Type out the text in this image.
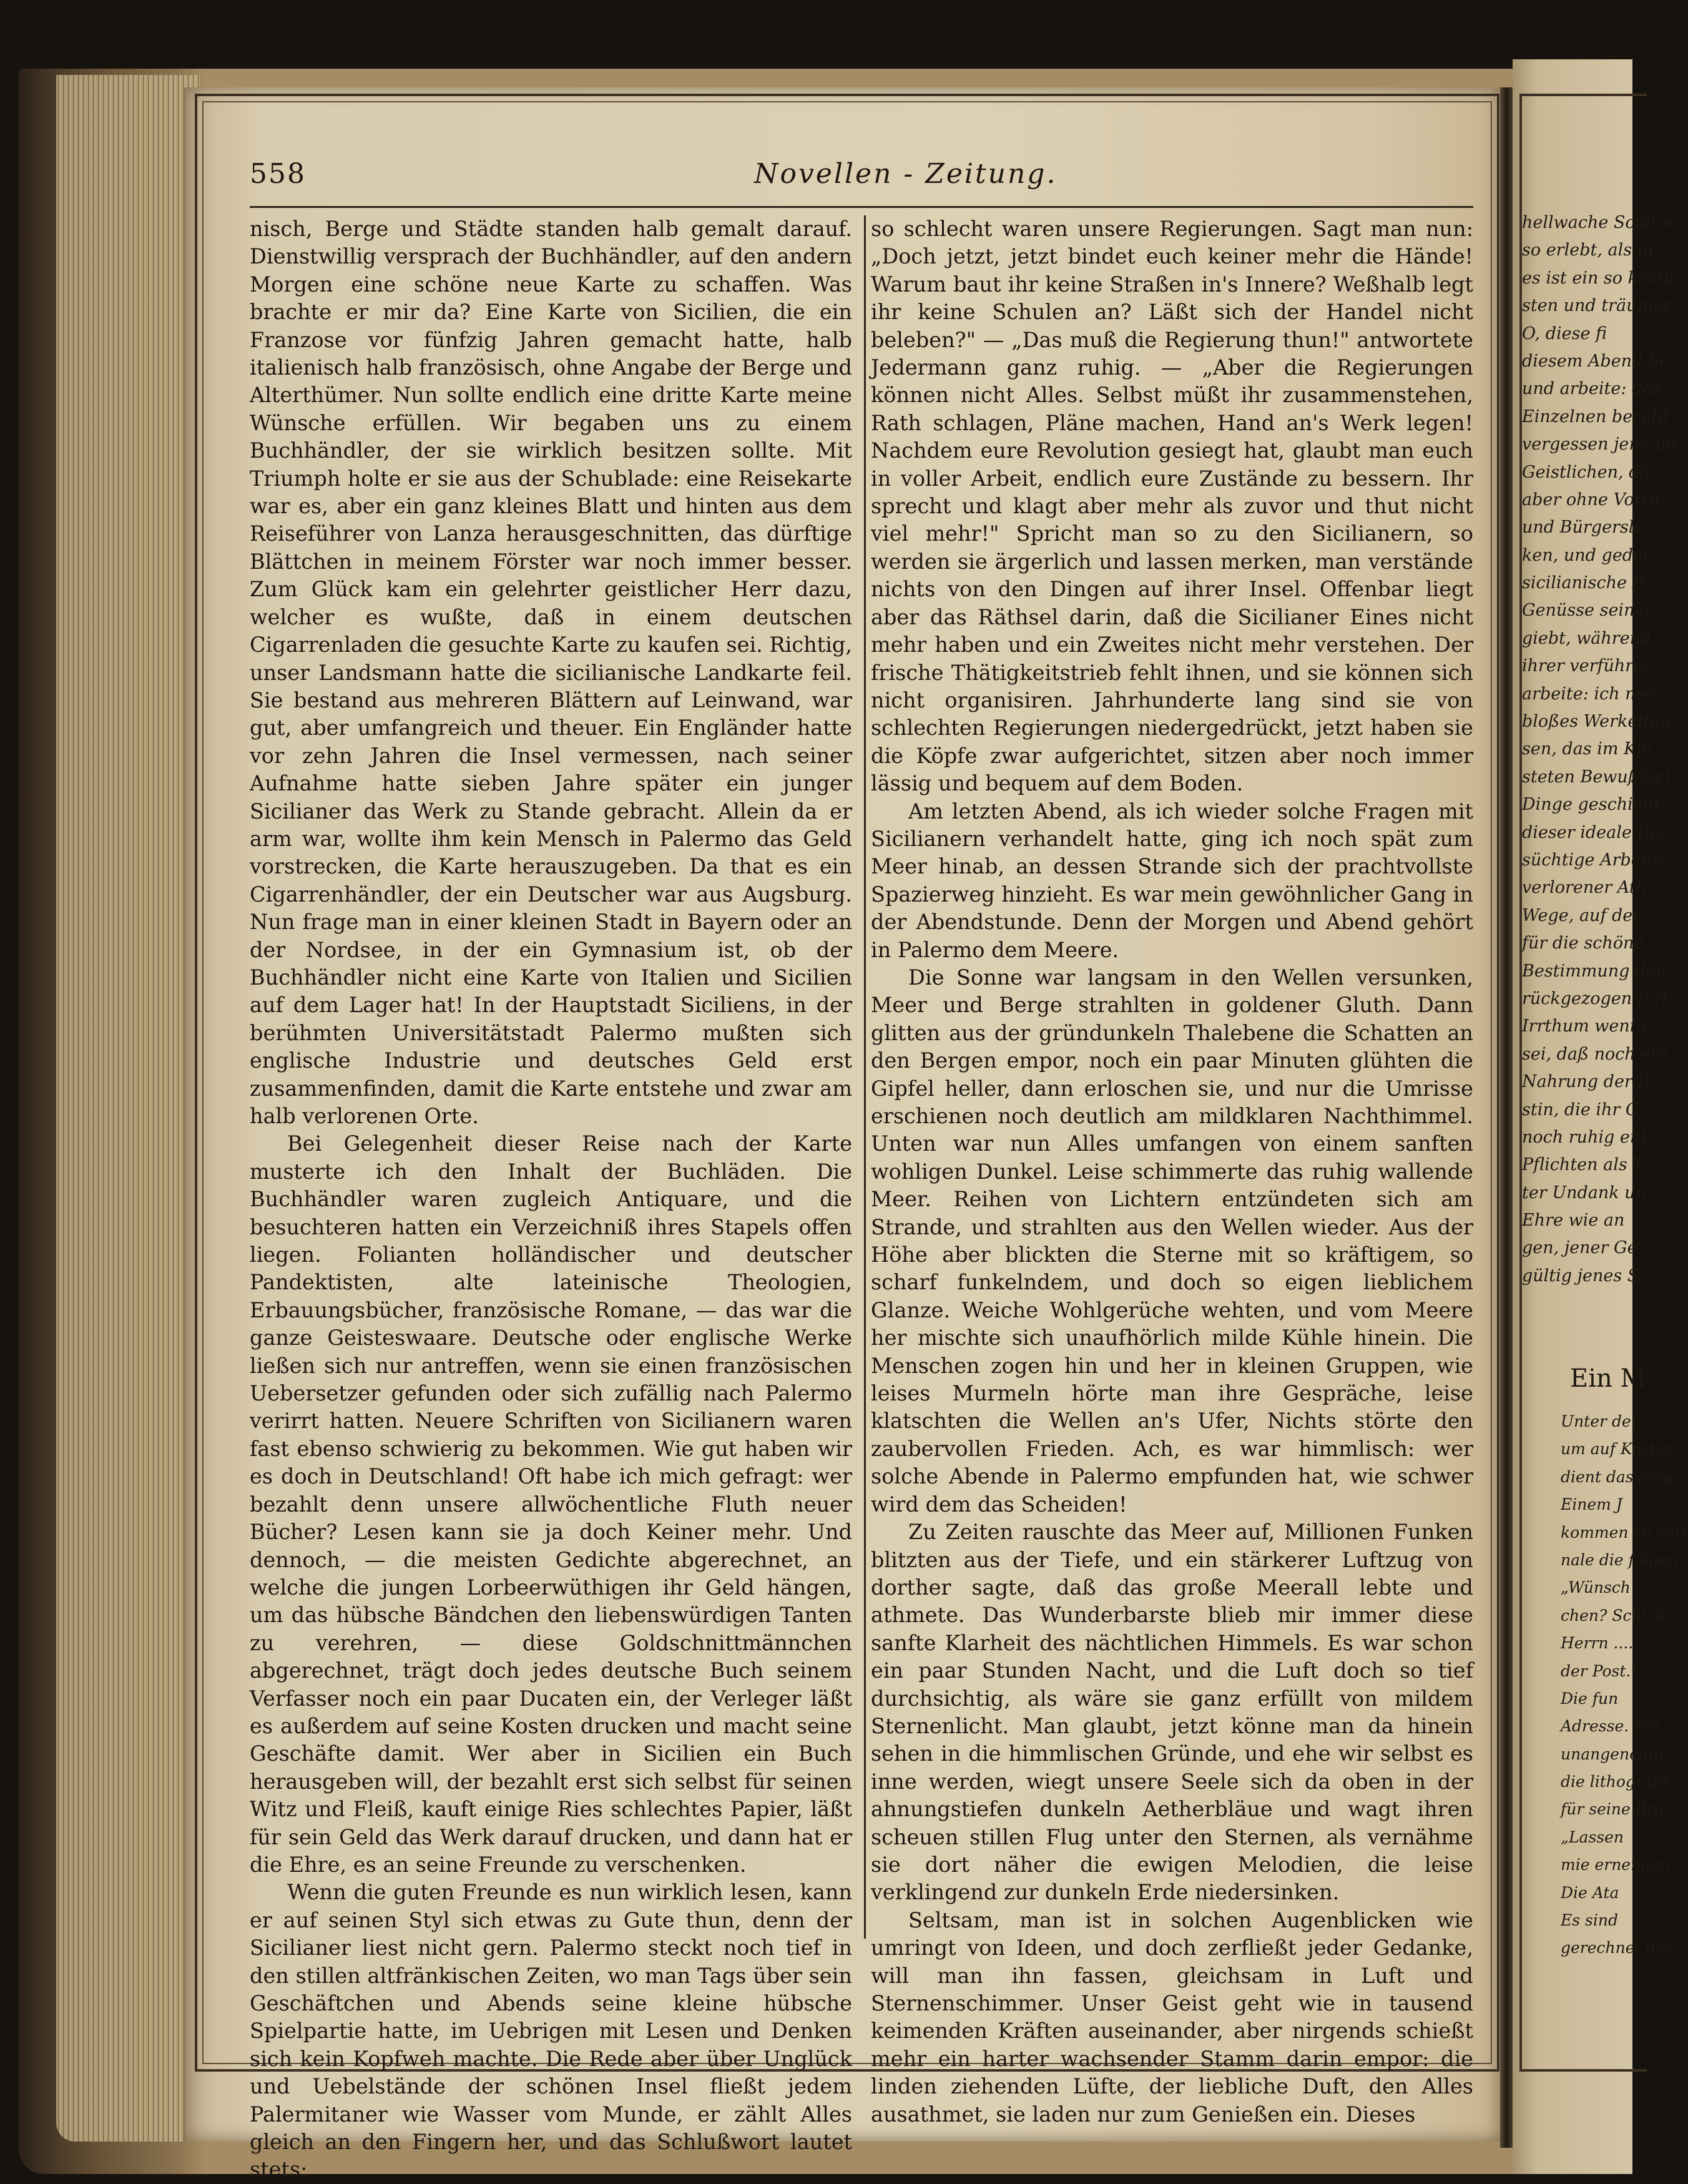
558	Novellen - Zeitung.

nisch, Berge und Städte standen halb gemalt darauf. Dienstwillig versprach der Buchhändler, auf den andern Morgen eine schöne neue Karte zu schaffen. Was brachte er mir da? Eine Karte von Sicilien, die ein Franzose vor fünfzig Jahren gemacht hatte, halb italienisch halb französisch, ohne Angabe der Berge und Alterthümer. Nun sollte endlich eine dritte Karte meine Wünsche erfüllen. Wir begaben uns zu einem Buchhändler, der sie wirklich besitzen sollte. Mit Triumph holte er sie aus der Schublade: eine Reisekarte war es, aber ein ganz kleines Blatt und hinten aus dem Reiseführer von Lanza herausgeschnitten, das dürftige Blättchen in meinem Förster war noch immer besser. Zum Glück kam ein gelehrter geistlicher Herr dazu, welcher es wußte, daß in einem deutschen Cigarrenladen die gesuchte Karte zu kaufen sei. Richtig, unser Landsmann hatte die sicilianische Landkarte feil. Sie bestand aus mehreren Blättern auf Leinwand, war gut, aber umfangreich und theuer. Ein Engländer hatte vor zehn Jahren die Insel vermessen, nach seiner Aufnahme hatte sieben Jahre später ein junger Sicilianer das Werk zu Stande gebracht. Allein da er arm war, wollte ihm kein Mensch in Palermo das Geld vorstrecken, die Karte herauszugeben. Da that es ein Cigarrenhändler, der ein Deutscher war aus Augsburg. Nun frage man in einer kleinen Stadt in Bayern oder an der Nordsee, in der ein Gymnasium ist, ob der Buchhändler nicht eine Karte von Italien und Sicilien auf dem Lager hat! In der Hauptstadt Siciliens, in der berühmten Universitätstadt Palermo mußten sich englische Industrie und deutsches Geld erst zusammenfinden, damit die Karte entstehe und zwar am halb verlorenen Orte.

Bei Gelegenheit dieser Reise nach der Karte musterte ich den Inhalt der Buchläden. Die Buchhändler waren zugleich Antiquare, und die besuchteren hatten ein Verzeichniß ihres Stapels offen liegen. Folianten holländischer und deutscher Pandektisten, alte lateinische Theologien, Erbauungsbücher, französische Romane, — das war die ganze Geisteswaare. Deutsche oder englische Werke ließen sich nur antreffen, wenn sie einen französischen Uebersetzer gefunden oder sich zufällig nach Palermo verirrt hatten. Neuere Schriften von Sicilianern waren fast ebenso schwierig zu bekommen. Wie gut haben wir es doch in Deutschland! Oft habe ich mich gefragt: wer bezahlt denn unsere allwöchentliche Fluth neuer Bücher? Lesen kann sie ja doch Keiner mehr. Und dennoch, — die meisten Gedichte abgerechnet, an welche die jungen Lorbeerwüthigen ihr Geld hängen, um das hübsche Bändchen den liebenswürdigen Tanten zu verehren, — diese Goldschnittmännchen abgerechnet, trägt doch jedes deutsche Buch seinem Verfasser noch ein paar Ducaten ein, der Verleger läßt es außerdem auf seine Kosten drucken und macht seine Geschäfte damit. Wer aber in Sicilien ein Buch herausgeben will, der bezahlt erst sich selbst für seinen Witz und Fleiß, kauft einige Ries schlechtes Papier, läßt für sein Geld das Werk darauf drucken, und dann hat er die Ehre, es an seine Freunde zu verschenken.

Wenn die guten Freunde es nun wirklich lesen, kann er auf seinen Styl sich etwas zu Gute thun, denn der Sicilianer liest nicht gern. Palermo steckt noch tief in den stillen altfränkischen Zeiten, wo man Tags über sein Geschäftchen und Abends seine kleine hübsche Spielpartie hatte, im Uebrigen mit Lesen und Denken sich kein Kopfweh machte. Die Rede aber über Unglück und Uebelstände der schönen Insel fließt jedem Palermitaner wie Wasser vom Munde, er zählt Alles gleich an den Fingern her, und das Schlußwort lautet stets:

so schlecht waren unsere Regierungen. Sagt man nun: „Doch jetzt, jetzt bindet euch keiner mehr die Hände! Warum baut ihr keine Straßen in's Innere? Weßhalb legt ihr keine Schulen an? Läßt sich der Handel nicht beleben?" — „Das muß die Regierung thun!" antwortete Jedermann ganz ruhig. — „Aber die Regierungen können nicht Alles. Selbst müßt ihr zusammenstehen, Rath schlagen, Pläne machen, Hand an's Werk legen! Nachdem eure Revolution gesiegt hat, glaubt man euch in voller Arbeit, endlich eure Zustände zu bessern. Ihr sprecht und klagt aber mehr als zuvor und thut nicht viel mehr!" Spricht man so zu den Sicilianern, so werden sie ärgerlich und lassen merken, man verstände nichts von den Dingen auf ihrer Insel. Offenbar liegt aber das Räthsel darin, daß die Sicilianer Eines nicht mehr haben und ein Zweites nicht mehr verstehen. Der frische Thätigkeitstrieb fehlt ihnen, und sie können sich nicht organisiren. Jahrhunderte lang sind sie von schlechten Regierungen niedergedrückt, jetzt haben sie die Köpfe zwar aufgerichtet, sitzen aber noch immer lässig und bequem auf dem Boden.

Am letzten Abend, als ich wieder solche Fragen mit Sicilianern verhandelt hatte, ging ich noch spät zum Meer hinab, an dessen Strande sich der prachtvollste Spazierweg hinzieht. Es war mein gewöhnlicher Gang in der Abendstunde. Denn der Morgen und Abend gehört in Palermo dem Meere.

Die Sonne war langsam in den Wellen versunken, Meer und Berge strahlten in goldener Gluth. Dann glitten aus der gründunkeln Thalebene die Schatten an den Bergen empor, noch ein paar Minuten glühten die Gipfel heller, dann erloschen sie, und nur die Umrisse erschienen noch deutlich am mildklaren Nachthimmel. Unten war nun Alles umfangen von einem sanften wohligen Dunkel. Leise schimmerte das ruhig wallende Meer. Reihen von Lichtern entzündeten sich am Strande, und strahlten aus den Wellen wieder. Aus der Höhe aber blickten die Sterne mit so kräftigem, so scharf funkelndem, und doch so eigen lieblichem Glanze. Weiche Wohlgerüche wehten, und vom Meere her mischte sich unaufhörlich milde Kühle hinein. Die Menschen zogen hin und her in kleinen Gruppen, wie leises Murmeln hörte man ihre Gespräche, leise klatschten die Wellen an's Ufer, Nichts störte den zaubervollen Frieden. Ach, es war himmlisch: wer solche Abende in Palermo empfunden hat, wie schwer wird dem das Scheiden!

Zu Zeiten rauschte das Meer auf, Millionen Funken blitzten aus der Tiefe, und ein stärkerer Luftzug von dorther sagte, daß das große Meerall lebte und athmete. Das Wunderbarste blieb mir immer diese sanfte Klarheit des nächtlichen Himmels. Es war schon ein paar Stunden Nacht, und die Luft doch so tief durchsichtig, als wäre sie ganz erfüllt von mildem Sternenlicht. Man glaubt, jetzt könne man da hinein sehen in die himmlischen Gründe, und ehe wir selbst es inne werden, wiegt unsere Seele sich da oben in der ahnungstiefen dunkeln Aetherbläue und wagt ihren scheuen stillen Flug unter den Sternen, als vernähme sie dort näher die ewigen Melodien, die leise verklingend zur dunkeln Erde niedersinken.

Seltsam, man ist in solchen Augenblicken wie umringt von Ideen, und doch zerfließt jeder Gedanke, will man ihn fassen, gleichsam in Luft und Sternenschimmer. Unser Geist geht wie in tausend keimenden Kräften auseinander, aber nirgends schießt mehr ein harter wachsender Stamm darin empor: die linden ziehenden Lüfte, der liebliche Duft, den Alles ausathmet, sie laden nur zum Genießen ein. Dieses

hellwache Schlun
so erlebt, als in
es ist ein so köstli
sten und träumer
O, diese fi
diesem Abend be
und arbeite: das
Einzelnen beruht
vergessen jene üb
Geistlichen, die
aber ohne Vorth
und Bürgersle
ken, und gedei
sicilianische B
Genüsse seiner
giebt, während
ihrer verführer
arbeite: ich mei
bloßes Werkeltag
sen, das im Kle
steten Bewußtsei
Dinge geschieht.
dieser ideale Bez
süchtige Arbeite
verlorener Ath
Wege, auf der
für die schöne
Bestimmung der
rückgezogen fort
Irrthum wenig
sei, daß noch ein
Nahrung der R
stin, die ihr G
noch ruhig ent
Pflichten als T
ter Undank un
Ehre wie an
gen, jener Ge
gültig jenes S
Ein M
Unter der
um auf Kosten
dient das folge
Einem J
kommen zu verf
nale die folgen
„Wünsch
chen? Schick
Herrn ....
der Post."
Die fun
Adresse. Ein
unangenehm
die lithograph
für seine Brie
„Lassen
mie ernennen,
Die Ata
Es sind
gerechnet die
